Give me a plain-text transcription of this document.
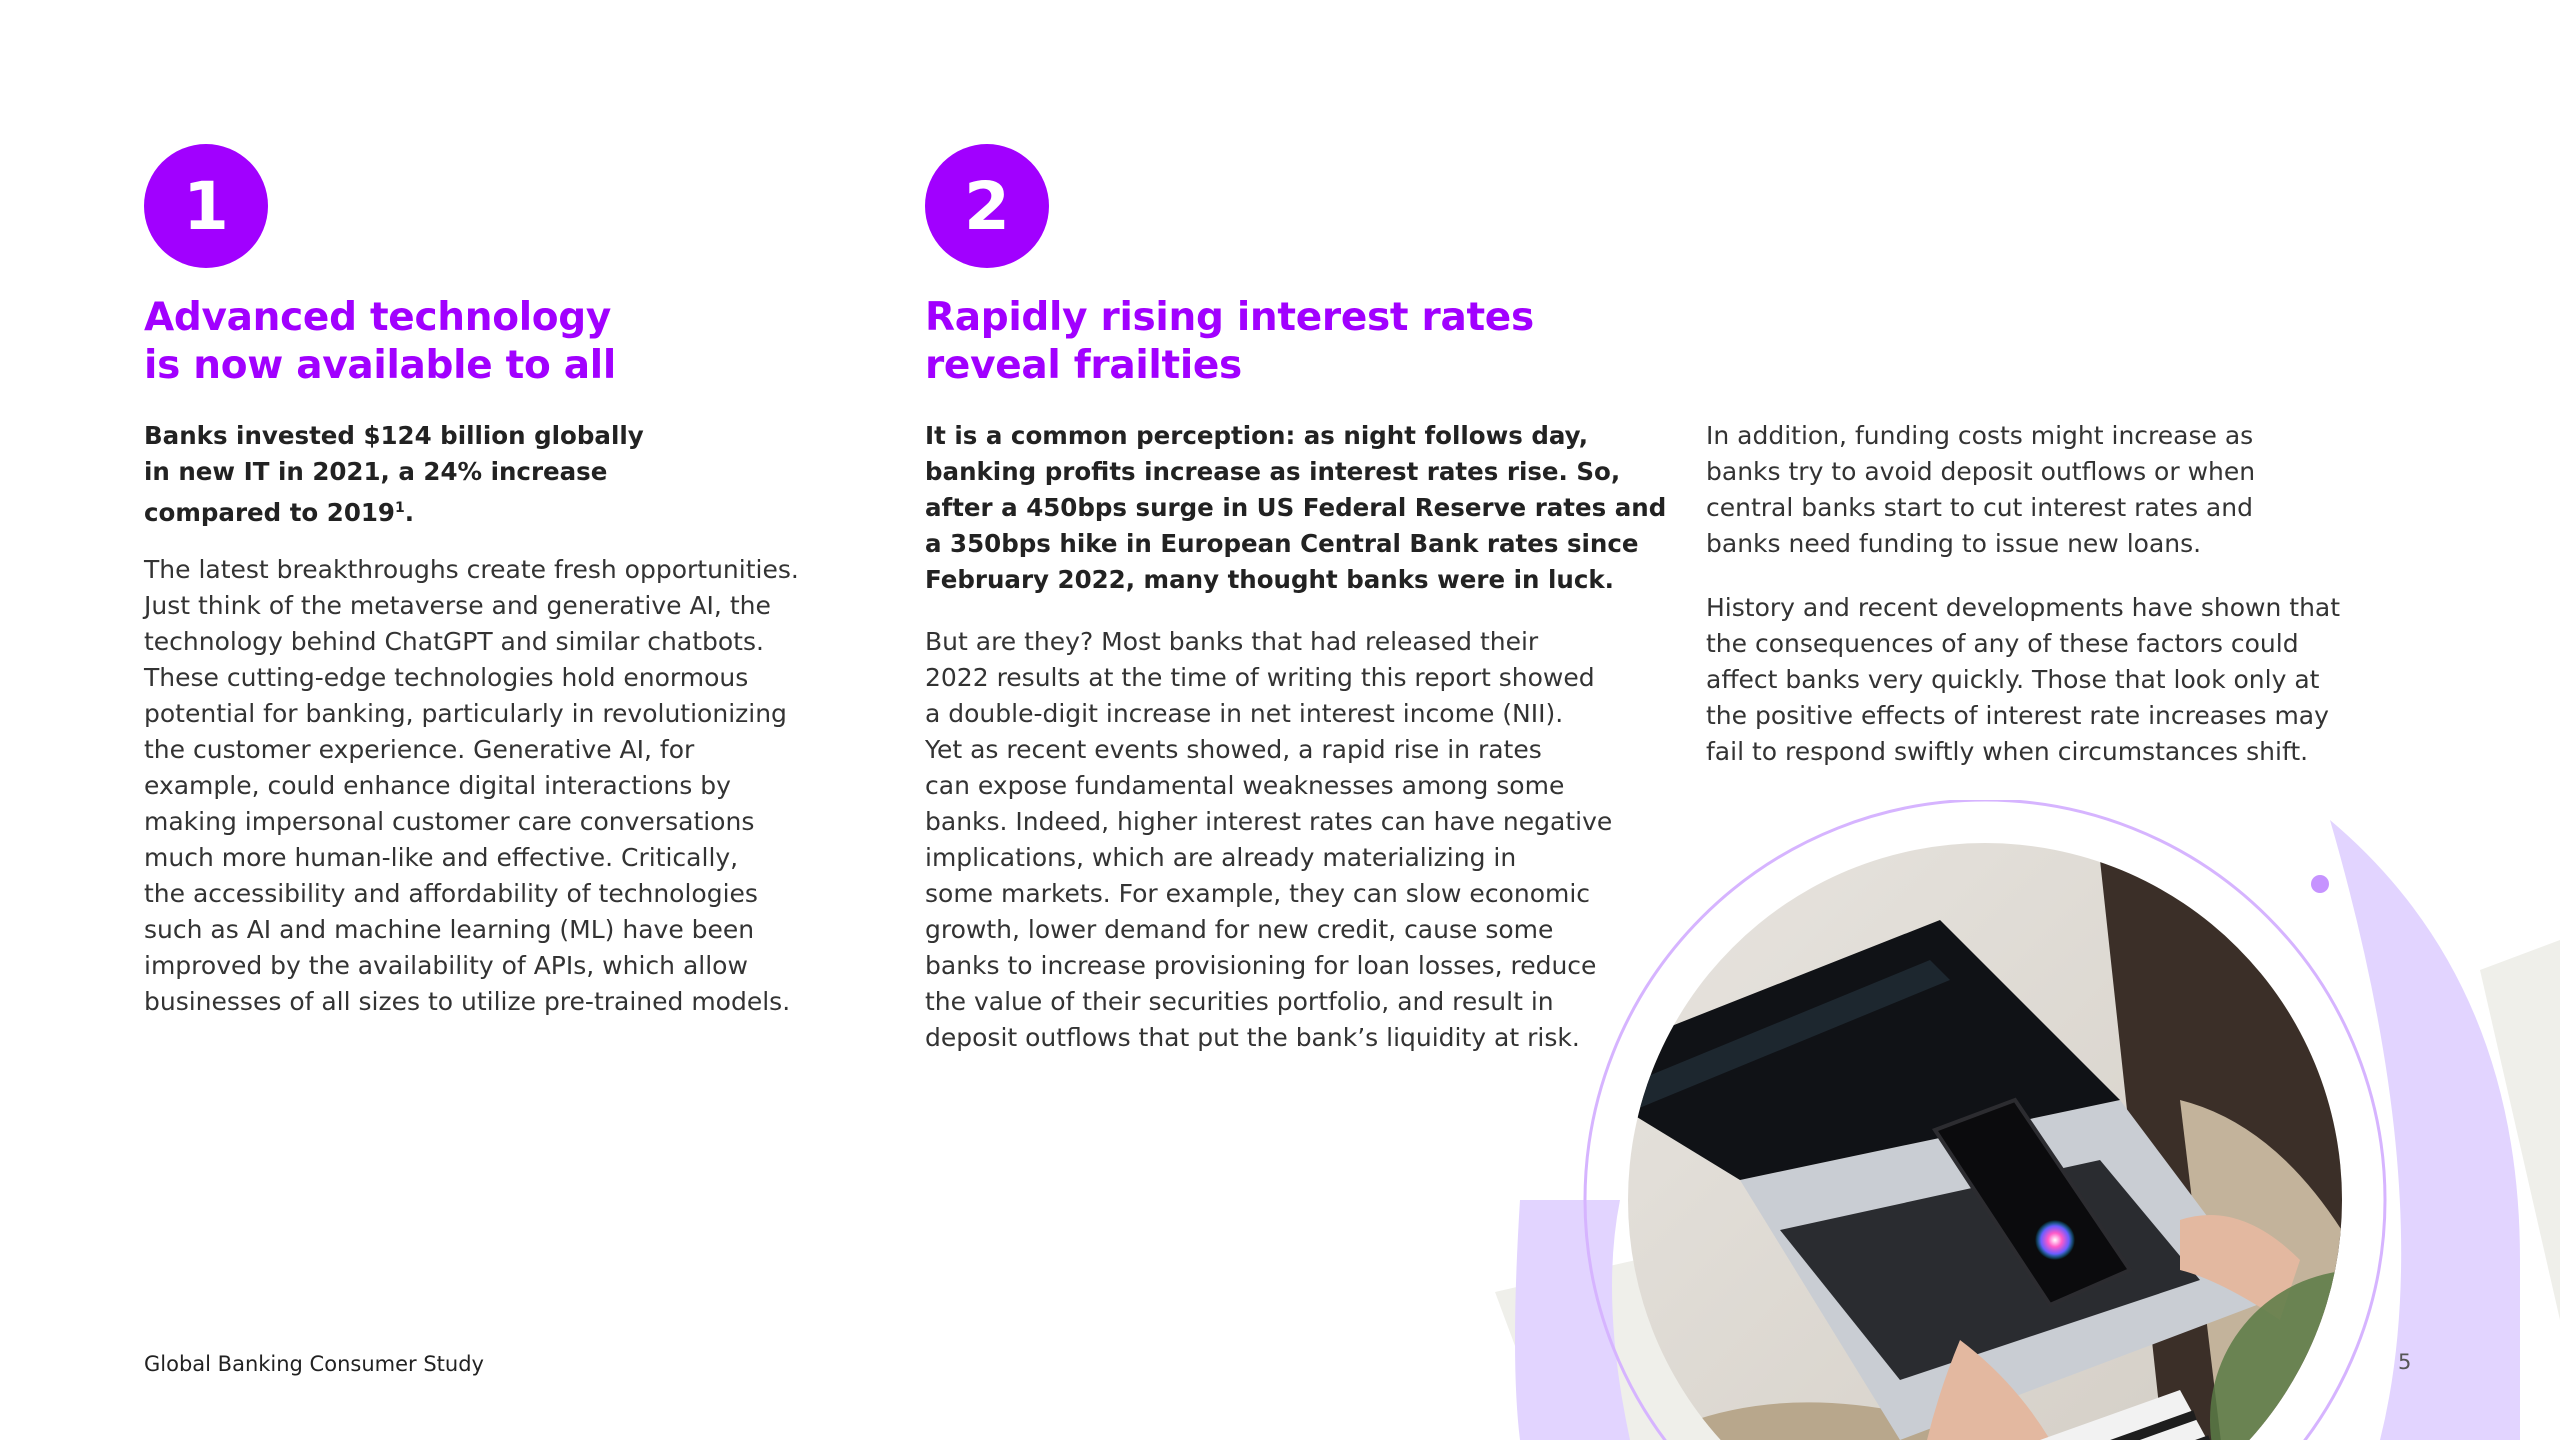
1
Advanced technology
is now available to all

Banks invested $124 billion globally
in new IT in 2021, a 24% increase
compared to 2019$^1$.

The latest breakthroughs create fresh opportunities.
Just think of the metaverse and generative AI, the
technology behind ChatGPT and similar chatbots.
These cutting-edge technologies hold enormous
potential for banking, particularly in revolutionizing
the customer experience. Generative AI, for
example, could enhance digital interactions by
making impersonal customer care conversations
much more human-like and effective. Critically,
the accessibility and affordability of technologies
such as AI and machine learning (ML) have been
improved by the availability of APIs, which allow
businesses of all sizes to utilize pre-trained models.

2
Rapidly rising interest rates
reveal frailties

It is a common perception: as night follows day,
banking profits increase as interest rates rise. So,
after a 450bps surge in US Federal Reserve rates and
a 350bps hike in European Central Bank rates since
February 2022, many thought banks were in luck.

But are they? Most banks that had released their
2022 results at the time of writing this report showed
a double-digit increase in net interest income (NII).
Yet as recent events showed, a rapid rise in rates
can expose fundamental weaknesses among some
banks. Indeed, higher interest rates can have negative
implications, which are already materializing in
some markets. For example, they can slow economic
growth, lower demand for new credit, cause some
banks to increase provisioning for loan losses, reduce
the value of their securities portfolio, and result in
deposit outflows that put the bank’s liquidity at risk.

In addition, funding costs might increase as
banks try to avoid deposit outflows or when
central banks start to cut interest rates and
banks need funding to issue new loans.

History and recent developments have shown that
the consequences of any of these factors could
affect banks very quickly. Those that look only at
the positive effects of interest rate increases may
fail to respond swiftly when circumstances shift.

Global Banking Consumer Study	5
